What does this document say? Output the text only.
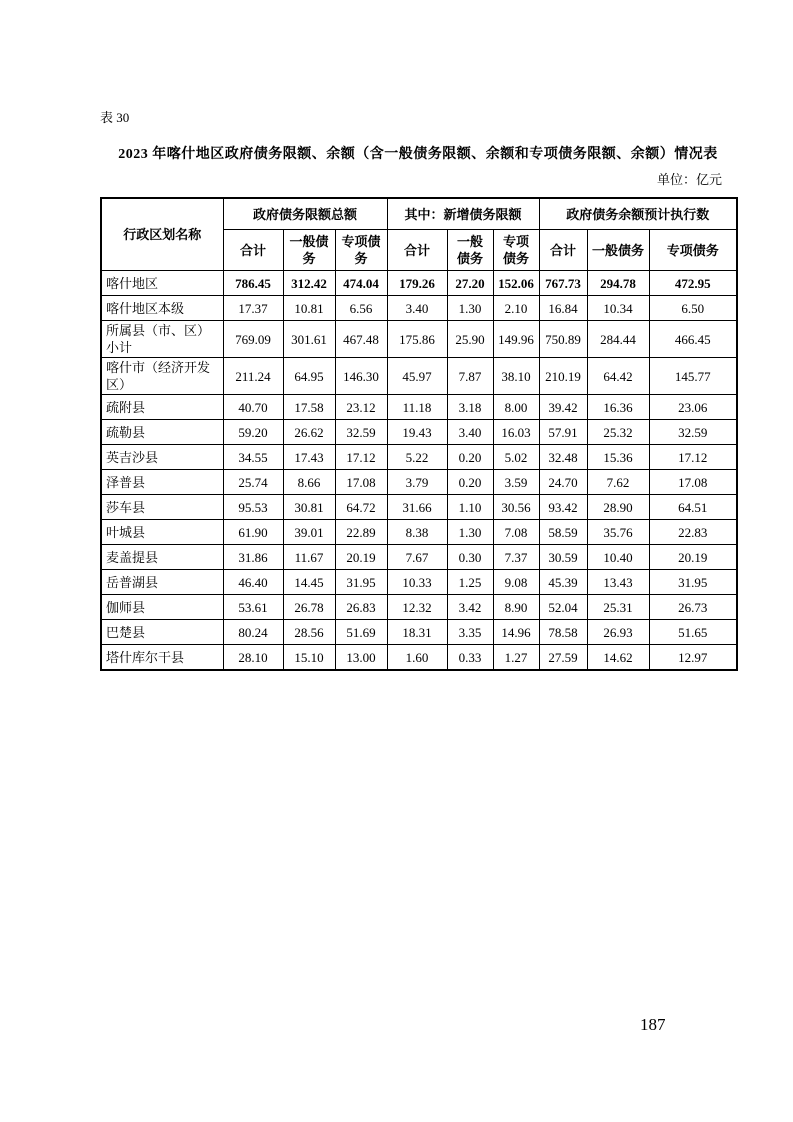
表 30
2023 年喀什地区政府债务限额、余额（含一般债务限额、余额和专项债务限额、余额）情况表
单位：亿元
行政区划名称	政府债务限额总额			其中：新增债务限额			政府债务余额预计执行数		
	合计	一般债务	专项债务	合计	一般债务	专项债务	合计	一般债务	专项债务
喀什地区	786.45	312.42	474.04	179.26	27.20	152.06	767.73	294.78	472.95
喀什地区本级	17.37	10.81	6.56	3.40	1.30	2.10	16.84	10.34	6.50
所属县（市、区）小计	769.09	301.61	467.48	175.86	25.90	149.96	750.89	284.44	466.45
喀什市（经济开发区）	211.24	64.95	146.30	45.97	7.87	38.10	210.19	64.42	145.77
疏附县	40.70	17.58	23.12	11.18	3.18	8.00	39.42	16.36	23.06
疏勒县	59.20	26.62	32.59	19.43	3.40	16.03	57.91	25.32	32.59
英吉沙县	34.55	17.43	17.12	5.22	0.20	5.02	32.48	15.36	17.12
泽普县	25.74	8.66	17.08	3.79	0.20	3.59	24.70	7.62	17.08
莎车县	95.53	30.81	64.72	31.66	1.10	30.56	93.42	28.90	64.51
叶城县	61.90	39.01	22.89	8.38	1.30	7.08	58.59	35.76	22.83
麦盖提县	31.86	11.67	20.19	7.67	0.30	7.37	30.59	10.40	20.19
岳普湖县	46.40	14.45	31.95	10.33	1.25	9.08	45.39	13.43	31.95
伽师县	53.61	26.78	26.83	12.32	3.42	8.90	52.04	25.31	26.73
巴楚县	80.24	28.56	51.69	18.31	3.35	14.96	78.58	26.93	51.65
塔什库尔干县	28.10	15.10	13.00	1.60	0.33	1.27	27.59	14.62	12.97
187
